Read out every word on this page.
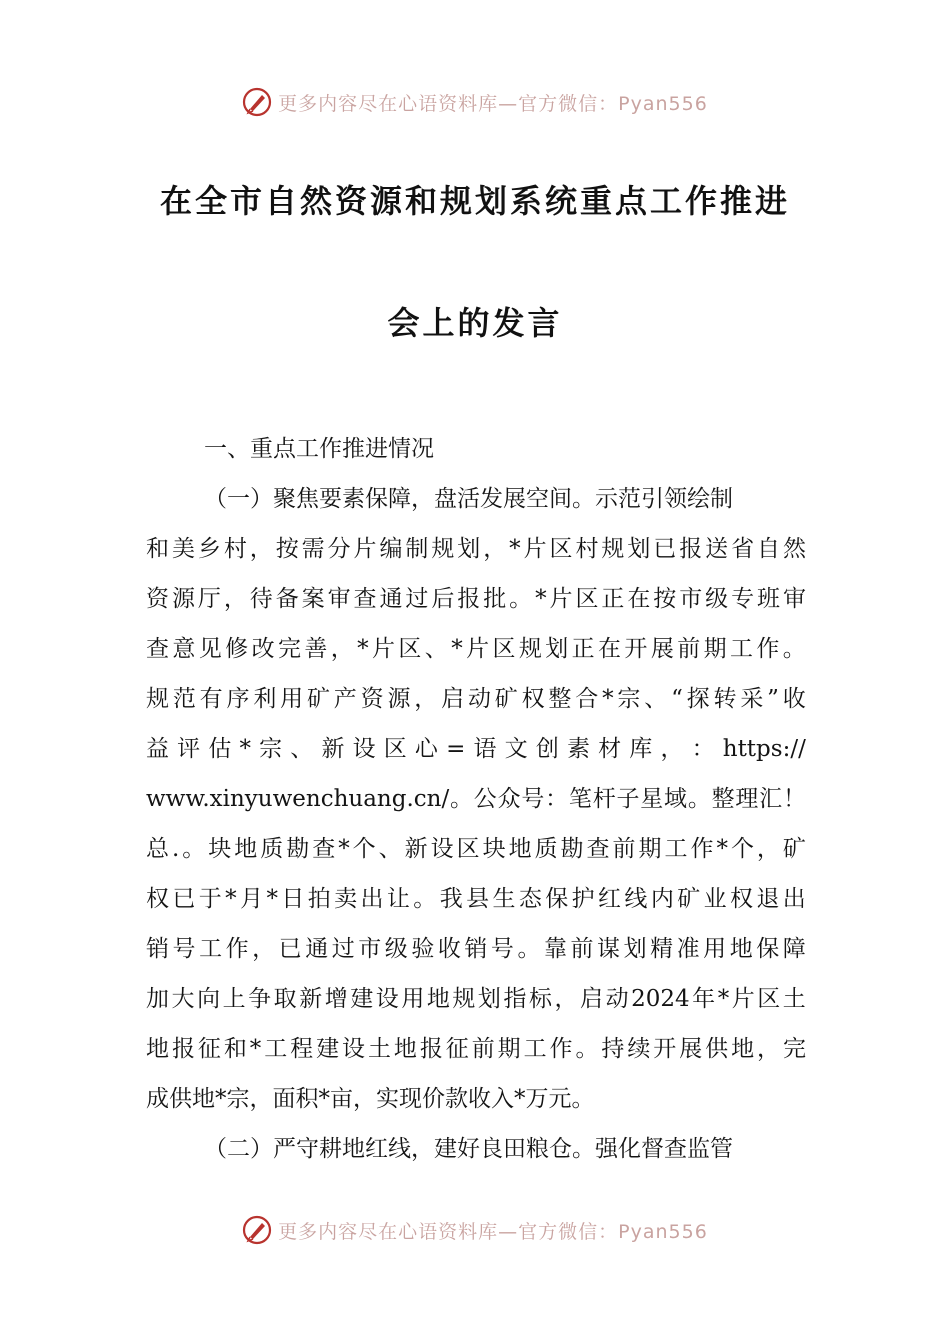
更多内容尽在心语资料库—官方微信：Pyan556
在全市自然资源和规划系统重点工作推进
会上的发言
一、重点工作推进情况
（一）聚焦要素保障，盘活发展空间。示范引领绘制
和 美 乡 村 ， 按 需 分 片 编 制 规 划 ， * 片 区 村 规 划 已 报 送 省 自 然
资 源 厅 ， 待 备 案 审 查 通 过 后 报 批 。 * 片 区 正 在 按 市 级 专 班 审
查 意 见 修 改 完 善 ， * 片 区 、 * 片 区 规 划 正 在 开 展 前 期 工 作 。
规 范 有 序 利 用 矿 产 资 源 ， 启 动 矿 权 整 合 * 宗 、 “ 探 转 采 ” 收
益 评 估 * 宗 、 新 设 区 心 = 语 文 创 素 材 库 ， ： https://
www.xinyuwenchuang.cn/ 。 公 众 号 ： 笔 杆 子 星 域 。 整 理 汇 ！
总 . 。 块 地 质 勘 查 * 个 、 新 设 区 块 地 质 勘 查 前 期 工 作 * 个 ， 矿
权 已 于 * 月 * 日 拍 卖 出 让 。 我 县 生 态 保 护 红 线 内 矿 业 权 退 出
销 号 工 作 ， 已 通 过 市 级 验 收 销 号 。 靠 前 谋 划 精 准 用 地 保 障
加 大 向 上 争 取 新 增 建 设 用 地 规 划 指 标 ， 启 动 2024 年 * 片 区 土
地 报 征 和 * 工 程 建 设 土 地 报 征 前 期 工 作 。 持 续 开 展 供 地 ， 完
成供地*宗，面积*亩，实现价款收入*万元。
（二）严守耕地红线，建好良田粮仓。强化督查监管
更多内容尽在心语资料库—官方微信：Pyan556
